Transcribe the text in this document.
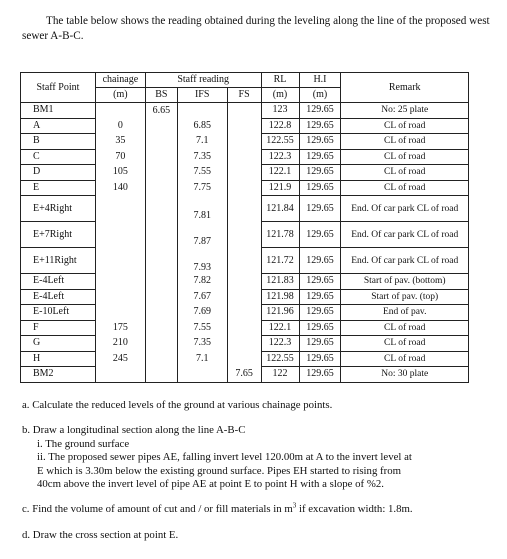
The table below shows the reading obtained during the leveling along the line of the proposed west sewer A-B-C.

Staff Point	chainage	Staff reading			RL	H.I	Remark
	(m)	BS	IFS	FS	(m)	(m)	
BM1		6.65			123	129.65	No: 25 plate
A	0		6.85		122.8	129.65	CL of road
B	35		7.1		122.55	129.65	CL of road
C	70		7.35		122.3	129.65	CL of road
D	105		7.55		122.1	129.65	CL of road
E	140		7.75		121.9	129.65	CL of road
E+4Right			7.81		121.84	129.65	End. Of car park CL of road
E+7Right			7.87		121.78	129.65	End. Of car park CL of road
E+11Right			7.93		121.72	129.65	End. Of car park CL of road
E-4Left			7.82		121.83	129.65	Start of pav. (bottom)
E-4Left			7.67		121.98	129.65	Start of pav. (top)
E-10Left			7.69		121.96	129.65	End of pav.
F	175		7.55		122.1	129.65	CL of road
G	210		7.35		122.3	129.65	CL of road
H	245		7.1		122.55	129.65	CL of road
BM2				7.65	122	129.65	No: 30 plate

a. Calculate the reduced levels of the ground at various chainage points.

b. Draw a longitudinal section along the line A-B-C
i. The ground surface
ii. The proposed sewer pipes AE, falling invert level 120.00m at A to the invert level at
E which is 3.30m below the existing ground surface. Pipes EH started to rising from
40cm above the invert level of pipe AE at point E to point H with a slope of %2.

c. Find the volume of amount of cut and / or fill materials in $m^3$ if excavation width: 1.8m.

d. Draw the cross section at point E.
